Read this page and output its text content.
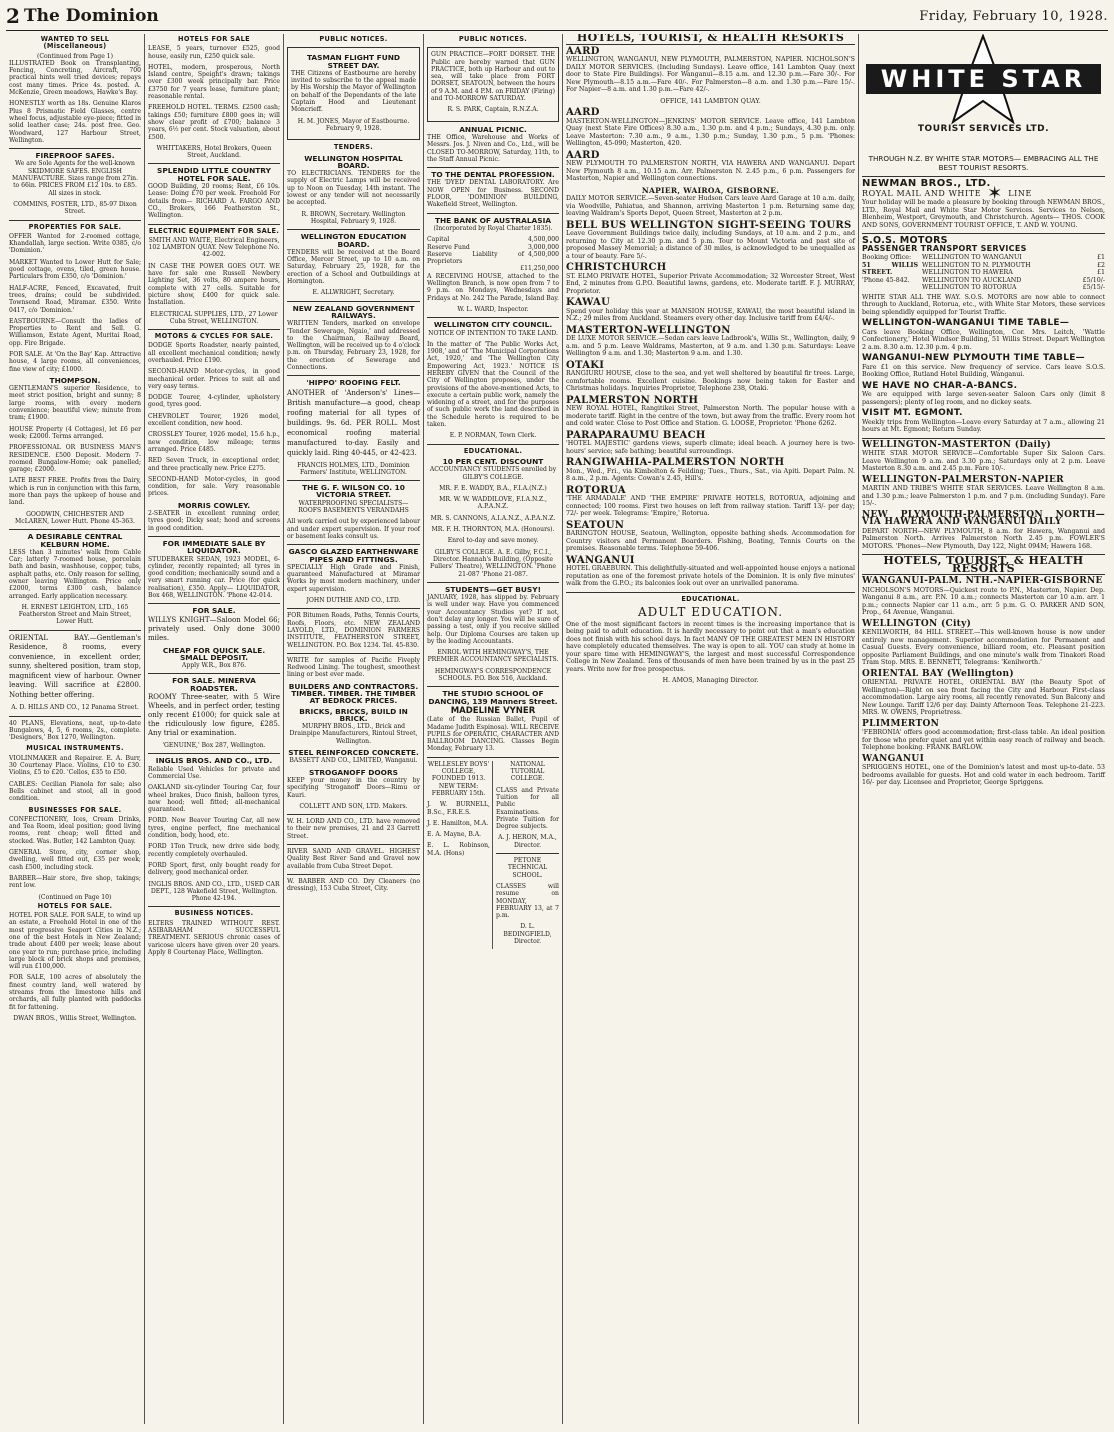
2 The Dominion	Friday, February 10, 1928.
WANTED TO SELL (Miscellaneous)
(Continued from Page 1)

ILLUSTRATED Book on Transplanting, Fencing, Concreting, Aircraft, 700 practical hints well tried devices; repays cost many times. Price 4s. posted. A. McKenzie, Green meadows, Hawke's Bay.

HONESTLY worth as 18s. Genuine Klaros Plus 8 Prismatic Field Glasses, centre wheel focus, adjustable eye-piece; fitted in solid leather case; 24s. post free. Geo. Woodward, 127 Harbour Street, Wellington.

FIREPROOF SAFES.

We are Sole Agents for the well-known SKIDMORE SAFES. ENGLISH MANUFACTURE. Sizes range from 27in. to 66in. PRICES FROM £12 10s. to £85. All sizes in stock.

COMMINS, FOSTER, LTD., 85-97 Dixon Street.

PROPERTIES FOR SALE.

OFFER Wanted for 2-roomed cottage, Khandallah, large section. Write 0385, c/o 'Dominion.'

MARKET Wanted to Lower Hutt for Sale; good cottage, ovens, tiled, green house. Particulars from £350, c/o 'Dominion.'

HALF-ACRE, Fenced, Excavated, fruit trees, drains; could be subdivided. Townsend Road, Miramar. £350. Write 0417, c/o 'Dominion.'

EASTBOURNE—Consult the ladies of Properties to Rent and Sell. G. Williamson, Estate Agent, Muritai Road, opp. Fire Brigade.

FOR SALE. At 'On the Bay' Kap. Attractive house, 4 large rooms, all conveniences, fine view of city; £1000.

THOMPSON.

GENTLEMAN'S superior Residence, to meet strict position, bright and sunny; 8 large rooms, with every modern convenience; beautiful view; minute from tram; £1900.

HOUSE Property (4 Cottages), let £6 per week; £2000. Terms arranged.

PROFESSIONAL OR BUSINESS MAN'S RESIDENCE. £500 Deposit. Modern 7-roomed Bungalow-Home; oak panelled; garage; £2000.

LATE BEST FREE. Profits from the Dairy, which is run in conjunction with this farm, more than pays the upkeep of house and land.

GOODWIN, CHICHESTER AND McLAREN, Lower Hutt. Phone 45-363.

A DESIRABLE CENTRAL KELBURN HOME.

LESS than 3 minutes' walk from Cable Car; latterly 7-roomed house, porcelain bath and basin, washhouse, copper, tubs, asphalt paths, etc. Only reason for selling, owner leaving Wellington. Price only £2000, terms £300 cash, balance arranged. Early application necessary.

H. ERNEST LEIGHTON, LTD., 165 Featherston Street and Main Street, Lower Hutt.

ORIENTAL BAY.—Gentleman's Residence, 8 rooms, every convenience, in excellent order, sunny, sheltered position, tram stop, magnificent view of harbour. Owner leaving. Will sacrifice at £2800. Nothing better offering.

A. D. HILLS AND CO., 12 Panama Street.

40 PLANS, Elevations, neat, up-to-date Bungalows, 4, 5, 6 rooms, 2s., complete. 'Designers,' Box 1270, Wellington.

MUSICAL INSTRUMENTS.

VIOLINMAKER and Repairer. E. A. Burr, 30 Courtenay Place. Violins, £10 to £30. Violins, £5 to £20. 'Cellos, £35 to £50.

CABLES: Cecilian Pianola for sale; also Bells cabinet and stool, all in good condition.

BUSINESSES FOR SALE.

CONFECTIONERY, Ices, Cream Drinks, and Tea Room, ideal position; good living rooms, rent cheap; well fitted and stocked. Was. Butler, 142 Lambton Quay.

GENERAL Store, city, corner shop, dwelling, well fitted out, £35 per week; cash £500, including stock.

BARBER—Hair store, five shop, takings; rent low.

(Continued on Page 10)
HOTELS FOR SALE.

HOTEL FOR SALE. FOR SALE, to wind up an estate, a Freehold Hotel in one of the most progressive Seaport Cities in N.Z.; one of the best Hotels in New Zealand; trade about £400 per week; lease about one year to run; purchase price, including large block of brick shops and premises, will run £100,000.

FOR SALE, 100 acres of absolutely the finest country land, well watered by streams from the limestone hills and orchards, all fully planted with paddocks fit for fattening.

DWAN BROS., Willis Street, Wellington.

HOTELS FOR SALE

LEASE, 5 years, turnover £525, good house, easily run, £250 quick sale.

HOTEL, modern, prosperous, North Island centre, Speight's drawn; takings over £300 week principally bar. Price £3750 for 7 years lease, furniture plant; reasonable rental.

FREEHOLD HOTEL. TERMS. £2500 cash; takings £50; furniture £800 goes in; will show clear profit of £700; balance 3 years, 6½ per cent. Stock valuation, about £500.

WHITTAKERS, Hotel Brokers, Queen Street, Auckland.

SPLENDID LITTLE COUNTRY HOTEL FOR SALE.

GOOD Building, 20 rooms; Rent, £6 10s. Lease: Doing £70 per week. Freehold For details from— RICHARD A. FARGO AND CO., Brokers, 166 Featherston St., Wellington.

ELECTRIC EQUIPMENT FOR SALE.

SMITH AND WAITE, Electrical Engineers, 102 LAMBTON QUAY. New Telephone No. 42-002.

IN CASE THE POWER GOES OUT. WE have for sale one Russell Newbery Lighting Set, 36 volts, 80 ampere hours, complete with 27 cells. Suitable for picture show, £400 for quick sale. Installation.

ELECTRICAL SUPPLIES, LTD., 27 Lower Cuba Street, WELLINGTON.

MOTORS & CYCLES FOR SALE.

DODGE Sports Roadster, nearly painted, all excellent mechanical condition; newly overhauled. Price £190.

SECOND-HAND Motor-cycles, in good mechanical order. Prices to suit all and very easy terms.

DODGE Tourer, 4-cylinder, upholstery good, tyres good.

CHEVROLET Tourer, 1926 model, excellent condition, new hood.

CROSSLEY Tourer, 1926 model, 15.6 h.p., new condition, low mileage; terms arranged. Price £485.

RED Seven Truck, in exceptional order, and three practically new. Price £275.

SECOND-HAND Motor-cycles, in good condition, for sale. Very reasonable prices.

MORRIS COWLEY.

2-SEATER in excellent running order, tyres good; Dicky seat; hood and screens in good condition.

FOR IMMEDIATE SALE BY LIQUIDATOR.

STUDEBAKER SEDAN, 1923 MODEL, 6-cylinder, recently repainted; all tyres in good condition; mechanically sound and a very smart running car. Price (for quick realisation), £350. Apply— LIQUIDATOR, Box 468, WELLINGTON. 'Phone 42-014.

FOR SALE.

WILLYS KNIGHT—Saloon Model 66; privately used. Only done 3000 miles.

CHEAP FOR QUICK SALE. SMALL DEPOSIT.

Apply W.R., Box 876.

FOR SALE. MINERVA ROADSTER.

ROOMY Three-seater, with 5 Wire Wheels, and in perfect order, testing only recent £1000; for quick sale at the ridiculously low figure, £285. Any trial or examination.

'GENUINE,' Box 287, Wellington.

INGLIS BROS. AND CO., LTD.

Reliable Used Vehicles for private and Commercial Use.

OAKLAND six-cylinder Touring Car, four wheel brakes, Duco finish, balloon tyres, new hood; well fitted; all-mechanical guaranteed.

FORD. New Beaver Touring Car, all new tyres, engine perfect, fine mechanical condition, body, hood, etc.

FORD 1Ton Truck, new drive side body, recently completely overhauled.

FORD Sport, first, only bought ready for delivery, good mechanical order.

INGLIS BROS. AND CO., LTD., USED CAR DEPT., 128 Wakefield Street, Wellington. Phone 42-194.

BUSINESS NOTICES.

ELTERS TRAINED WITHOUT REST. ASIBARAHAM SUCCESSFUL TREATMENT. SERIOUS chronic cases of varicose ulcers have given over 20 years. Apply 8 Courtenay Place, Wellington.

PUBLIC NOTICES.
TASMAN FLIGHT FUND STREET DAY.

THE Citizens of Eastbourne are hereby invited to subscribe to the appeal made by His Worship the Mayor of Wellington on behalf of the Dependants of the late Captain Hood and Lieutenant Moncrieff.

H. M. JONES, Mayor of Eastbourne. February 9, 1928.

TENDERS.
WELLINGTON HOSPITAL BOARD.

TO ELECTRICIANS. TENDERS for the supply of Electric Lamps will be received up to Noon on Tuesday, 14th instant. The lowest or any tender will not necessarily be accepted.

R. BROWN, Secretary. Wellington Hospital, February 9, 1928.

WELLINGTON EDUCATION BOARD.

TENDERS will be received at the Board Office, Mercer Street, up to 10 a.m. on Saturday, February 25, 1928, for the erection of a School and Outbuildings at Hornington.

E. ALLWRIGHT, Secretary.

NEW ZEALAND GOVERNMENT RAILWAYS.

WRITTEN Tenders, marked on envelope 'Tender Sewerage, Ngaio,' and addressed to the Chairman, Railway Board, Wellington, will be received up to 4 o'clock p.m. on Thursday, February 23, 1928, for the erection of Sewerage and Connections.

'HIPPO' ROOFING FELT.

ANOTHER of 'Anderson's' Lines— British manufacture—a good, cheap roofing material for all types of buildings. 9s. 6d. PER ROLL. Most economical roofing material manufactured to-day. Easily and quickly laid. Ring 40-445, or 42-423.

FRANCIS HOLMES, LTD., Dominion Farmers' Institute, WELLINGTON.

THE G. F. WILSON CO. 10 VICTORIA STREET.

WATERPROOFING SPECIALISTS— ROOFS BASEMENTS VERANDAHS

All work carried out by experienced labour and under expert supervision. If your roof or basement leaks consult us.

GASCO GLAZED EARTHENWARE PIPES AND FITTINGS.

SPECIALLY High Grade and Finish, guaranteed Manufactured at Miramar Works by most modern machinery, under expert supervision.

JOHN DUTHIE AND CO., LTD.

FOR Bitumen Roads, Paths, Tennis Courts, Roofs, Floors, etc. NEW ZEALAND LAYOLD, LTD., DOMINION FARMERS INSTITUTE, FEATHERSTON STREET, WELLINGTON. P.O. Box 1234. Tel. 45-830.

WRITE for samples of Pacific Fiveply Redwood Lining. The toughest, smoothest lining or best ever made.

BUILDERS AND CONTRACTORS. TIMBER. TIMBER. THE TIMBER AT BEDROCK PRICES.
BRICKS, BRICKS, BUILD IN BRICK.

MURPHY BROS., LTD., Brick and Drainpipe Manufacturers, Rintoul Street, Wellington.

STEEL REINFORCED CONCRETE.

BASSETT AND CO., LIMITED, Wanganui.

STROGANOFF DOORS

KEEP your money in the country by specifying 'Stroganoff' Doors—Rimu or Kauri.

COLLETT AND SON, LTD. Makers.

W. H. LORD AND CO., LTD. have removed to their new premises, 21 and 23 Garrett Street.

RIVER SAND AND GRAVEL. HIGHEST Quality Best River Sand and Gravel now available from Cuba Street Depot.

W. BARBER AND CO. Dry Cleaners (no dressing), 153 Cuba Street, City.

PUBLIC NOTICES.

GUN PRACTICE—FORT DORSET. THE Public are hereby warned that GUN PRACTICE, both up Harbour and out to sea, will take place from FORT DORSET, SEATOUN, between the hours of 9 A.M. and 4 P.M. on FRIDAY (Firing) and TO-MORROW SATURDAY.

R. S. PARK, Captain, R.N.Z.A.

ANNUAL PICNIC.

THE Office, Warehouse and Works of Messrs. Jos. J. Niven and Co., Ltd., will be CLOSED TO-MORROW, Saturday, 11th, to the Staff Annual Picnic.

TO THE DENTAL PROFESSION.

THE 'DYED' DENTAL LABORATORY. Are NOW OPEN for Business. SECOND FLOOR, 'DOMINION' BUILDING, Wakefield Street, Wellington.

THE BANK OF AUSTRALASIA

(Incorporated by Royal Charter 1835).

Capital	4,500,000
Reserve Fund	3,000,000
Reserve Liability of Proprietors
4,500,000
£11,250,000

A RECEIVING HOUSE, attached to the Wellington Branch, is now open from 7 to 9 p.m. on Mondays, Wednesdays and Fridays at No. 242 The Parade, Island Bay.

W. L. WARD, Inspector.

WELLINGTON CITY COUNCIL.

NOTICE OF INTENTION TO TAKE LAND.

In the matter of 'The Public Works Act, 1908,' and of 'The Municipal Corporations Act, 1920,' and 'The Wellington City Empowering Act, 1923.' NOTICE IS HEREBY GIVEN that the Council of the City of Wellington proposes, under the provisions of the above-mentioned Acts, to execute a certain public work, namely the widening of a street, and for the purposes of such public work the land described in the Schedule hereto is required to be taken.

E. P. NORMAN, Town Clerk.

EDUCATIONAL.
10 PER CENT. DISCOUNT

ACCOUNTANCY STUDENTS enrolled by GILBY'S COLLEGE.

MR. F. E. WADDY, B.A., F.I.A.(N.Z.)

MR. W. W. WADDILOVE, F.I.A.N.Z., A.P.A.N.Z.

MR. S. CANNONS, A.I.A.N.Z., A.P.A.N.Z.

MR. F. H. THORNTON, M.A. (Honours).

Enrol to-day and save money.

GILBY'S COLLEGE. A. E. Gilby, F.C.I., Director. Hannah's Building, (Opposite Fullers' Theatre), WELLINGTON. 'Phone 21-087 'Phone 21-087.

STUDENTS—GET BUSY!

JANUARY, 1928, has slipped by. February is well under way. Have you commenced your Accountancy Studies yet? If not, don't delay any longer. You will be sure of passing a test, only if you receive skilled help. Our Diploma Courses are taken up by the leading Accountants.

ENROL WITH HEMINGWAY'S, THE PREMIER ACCOUNTANCY SPECIALISTS.

HEMINGWAY'S CORRESPONDENCE SCHOOLS. P.O. Box 516, Auckland.

THE STUDIO SCHOOL OF DANCING, 139 Manners Street.
MADELINE VYNER

(Late of the Russian Ballet, Pupil of Madame Judith Espinosa). WILL RECEIVE PUPILS for OPERATIC, CHARACTER AND BALLROOM DANCING. Classes Begin Monday, February 13.

WELLESLEY BOYS' COLLEGE, FOUNDED 1913. NEW TERM: FEBRUARY 15th.

J. W. BURNELL, B.Sc., F.R.E.S.

J. E. Hamilton, M.A.

E. A. Mayne, B.A.

E. L. Robinson, M.A. (Hons)

NATIONAL TUTORIAL COLLEGE.

CLASS and Private Tuition for all Public Examinations. Private Tuition for Degree subjects.

A. J. HERON, M.A., Director.

PETONE TECHNICAL SCHOOL.

CLASSES will resume on MONDAY, FEBRUARY 13, at 7 p.m.

D. L. BEDINGFIELD, Director.

HOTELS, TOURIST, & HEALTH RESORTS
AARD

WELLINGTON, WANGANUI, NEW PLYMOUTH, PALMERSTON, NAPIER. NICHOLSON'S DAILY MOTOR SERVICES. (Including Sundays). Leave office, 141 Lambton Quay (next door to State Fire Buildings). For Wanganui—8.15 a.m. and 12.30 p.m.—Fare 30/-. For New Plymouth—8.15 a.m.—Fare 40/-. For Palmerston—8 a.m. and 1.30 p.m.—Fare 15/-. For Napier—8 a.m. and 1.30 p.m.—Fare 42/-.

OFFICE, 141 LAMBTON QUAY.

AARD

MASTERTON-WELLINGTON—JENKINS' MOTOR SERVICE. Leave office, 141 Lambton Quay (next State Fire Offices) 8.30 a.m., 1.30 p.m. and 4 p.m.; Sundays, 4.30 p.m. only. Leave Masterton: 7.30 a.m., 9 a.m., 1.30 p.m.; Sunday, 1.30 p.m., 5 p.m. 'Phones: Wellington, 45-090; Masterton, 420.

AARD

NEW PLYMOUTH TO PALMERSTON NORTH, VIA HAWERA AND WANGANUI. Depart New Plymouth 8 a.m., 10.15 a.m. Arr. Palmerston N. 2.45 p.m., 6 p.m. Passengers for Masterton, Napier and Wellington connections.

NAPIER, WAIROA, GISBORNE.

DAILY MOTOR SERVICE.—Seven-seater Hudson Cars leave Aard Garage at 10 a.m. daily, via Woodville, Pahiatua, and Shannon, arriving Masterton 1 p.m. Returning same day, leaving Waldram's Sports Depot, Queen Street, Masterton at 2 p.m.

BELL BUS WELLINGTON SIGHT-SEEING TOURS

Leave Government Buildings twice daily, including Sundays, at 10 a.m. and 2 p.m., and returning to City at 12.30 p.m. and 5 p.m. Tour to Mount Victoria and past site of proposed Massey Memorial; a distance of 30 miles, is acknowledged to be unequalled as a tour of beauty. Fare 5/-.

CHRISTCHURCH

ST. ELMO PRIVATE HOTEL, Superior Private Accommodation; 32 Worcester Street, West End, 2 minutes from G.P.O. Beautiful lawns, gardens, etc. Moderate tariff. F. J. MURRAY, Proprietor.

KAWAU

Spend your holiday this year at MANSION HOUSE, KAWAU, the most beautiful island in N.Z.; 29 miles from Auckland. Steamers every other day. Inclusive tariff from £4/4/-.

MASTERTON-WELLINGTON

DE LUXE MOTOR SERVICE.—Sedan cars leave Ladbrook's, Willis St., Wellington, daily, 9 a.m. and 5 p.m. Leave Waldrams, Masterton, at 9 a.m. and 1.30 p.m. Saturdays: Leave Wellington 9 a.m. and 1.30; Masterton 9 a.m. and 1.30.

OTAKI

RANGIURU HOUSE, close to the sea, and yet well sheltered by beautiful fir trees. Large, comfortable rooms. Excellent cuisine. Bookings now being taken for Easter and Christmas holidays. Inquiries Proprietor, Telephone 238, Otaki.

PALMERSTON NORTH

NEW ROYAL HOTEL, Rangitikei Street, Palmerston North. The popular house with a moderate tariff. Right in the centre of the town, but away from the traffic. Every room hot and cold water. Close to Post Office and Station. G. LOOSE, Proprietor. 'Phone 6262.

PARAPARAUMU BEACH

'HOTEL MAJESTIC' gardens views, superb climate; ideal beach. A journey here is two-hours' service; safe bathing; beautiful surroundings.

RANGIWAHIA-PALMERSTON NORTH

Mon., Wed., Fri., via Kimbolton & Feilding; Tues., Thurs., Sat., via Apiti. Depart Palm. N. 8 a.m., 2 p.m. Agents: Cowan's 2.45, Hill's.

ROTORUA

'THE ARMADALE' AND 'THE EMPIRE' PRIVATE HOTELS, ROTORUA, adjoining and connected; 100 rooms. First two houses on left from railway station. Tariff 13/- per day; 72/- per week. Telegrams: 'Empire,' Rotorua.

SEATOUN

BARINGTON HOUSE, Seatoun, Wellington, opposite bathing sheds. Accommodation for Country visitors and Permanent Boarders. Fishing, Boating, Tennis Courts on the premises. Reasonable terms. Telephone 59-406.

WANGANUI

HOTEL GRAEBURN. This delightfully-situated and well-appointed house enjoys a national reputation as one of the foremost private hotels of the Dominion. It is only five minutes' walk from the G.P.O.; its balconies look out over an unrivalled panorama.

EDUCATIONAL.
ADULT EDUCATION.

One of the most significant factors in recent times is the increasing importance that is being paid to adult education. It is hardly necessary to point out that a man's education does not finish with his school days. In fact MANY OF THE GREATEST MEN IN HISTORY have completely educated themselves. The way is open to all. YOU can study at home in your spare time with HEMINGWAY'S, the largest and most successful Correspondence College in New Zealand. Tens of thousands of men have been trained by us in the past 25 years. Write now for free prospectus.

H. AMOS, Managing Director.

WHITE STAR
TOURIST SERVICES LTD.

THROUGH N.Z. BY WHITE STAR MOTORS— EMBRACING ALL THE BEST TOURIST RESORTS.

NEWMAN BROS., LTD.
ROYAL MAIL AND WHITE ✶ LINE

Your holiday will be made a pleasure by booking through NEWMAN BROS., LTD., Royal Mail and White Star Motor Services. Services to Nelson, Blenheim, Westport, Greymouth, and Christchurch. Agents— THOS. COOK AND SONS, GOVERNMENT TOURIST OFFICE, T. AND W. YOUNG.

S.O.S. MOTORS
PASSENGER TRANSPORT SERVICES
Booking Office:
51 WILLIS STREET.
'Phone 45-842.
WELLINGTON TO WANGANUI	£1
WELLINGTON TO N. PLYMOUTH	£2
WELLINGTON TO HAWERA	£1
WELLINGTON TO AUCKLAND	£5/10/-
WELLINGTON TO ROTORUA	£5/15/-

WHITE STAR ALL THE WAY. S.O.S. MOTORS are now able to connect through to Auckland, Rotorua, etc., with White Star Motors, these services being splendidly equipped for Tourist Traffic.

WELLINGTON-WANGANUI TIME TABLE—

Cars leave Booking Office, Wellington, Cor. Mrs. Leitch, 'Wattle Confectionery,' Hotel Windsor Building, 51 Willis Street. Depart Wellington 2 a.m. 8.30 a.m. 12.30 p.m. 4 p.m.

WANGANUI-NEW PLYMOUTH TIME TABLE—

Fare £1 on this service. New frequency of service. Cars leave S.O.S. Booking Office, Rutland Hotel Building, Wanganui.

WE HAVE NO CHAR-A-BANCS.

We are equipped with large seven-seater Saloon Cars only (limit 8 passengers); plenty of leg room, and no dickey seats.

VISIT MT. EGMONT.

Weekly trips from Wellington—Leave every Saturday at 7 a.m., allowing 21 hours at Mt. Egmont; Return Sunday.

WELLINGTON-MASTERTON (Daily)

WHITE STAR MOTOR SERVICE—Comfortable Super Six Saloon Cars. Leave Wellington 9 a.m. and 3.30 p.m.; Saturdays only at 2 p.m. Leave Masterton 8.30 a.m. and 2.45 p.m. Fare 10/-.

WELLINGTON-PALMERSTON-NAPIER

MARTIN AND TRIBE'S WHITE STAR SERVICES. Leave Wellington 8 a.m. and 1.30 p.m.; leave Palmerston 1 p.m. and 7 p.m. (including Sunday). Fare 15/-.

NEW PLYMOUTH-PALMERSTON NORTH— VIA HAWERA AND WANGANUI DAILY

DEPART NORTH—NEW PLYMOUTH, 8 a.m. for Hawera, Wanganui and Palmerston North. Arrives Palmerston North 2.45 p.m. FOWLER'S MOTORS. 'Phones—New Plymouth, Day 122, Night 094M; Hawera 168.

HOTELS, TOURIST, & HEALTH RESORTS
WANGANUI-PALM. NTH.-NAPIER-GISBORNE

NICHOLSON'S MOTORS—Quickest route to P.N., Masterton, Napier. Dep. Wanganui 8 a.m., arr. P.N. 10 a.m.; connects Masterton car 10 a.m. arr. 1 p.m.; connects Napier car 11 a.m., arr. 5 p.m. G. O. PARKER AND SON, Prop., 64 Avenue, Wanganui.

WELLINGTON (City)

KENILWORTH, 84 HILL STREET.—This well-known house is now under entirely new management. Superior accommodation for Permanent and Casual Guests. Every convenience, billiard room, etc. Pleasant position opposite Parliament Buildings, and one minute's walk from Tinakori Road Tram Stop. MRS. E. BENNETT, Telegrams: 'Kenilworth.'

ORIENTAL BAY (Wellington)

ORIENTAL PRIVATE HOTEL, ORIENTAL BAY (the Beauty Spot of Wellington)—Right on sea front facing the City and Harbour. First-class accommodation. Large airy rooms, all recently renovated. Sun Balcony and New Lounge. Tariff 12/6 per day. Dainty Afternoon Teas. Telephone 21-223. MRS. W. OWENS, Proprietress.

PLIMMERTON

'FEBRONIA' offers good accommodation; first-class table. An ideal position for those who prefer quiet and yet within easy reach of railway and beach. Telephone booking. FRANK BARLOW.

WANGANUI

SPRIGGENS HOTEL, one of the Dominion's latest and most up-to-date. 53 bedrooms available for guests. Hot and cold water in each bedroom. Tariff 16/- per day. Licensee and Proprietor, George Spriggens.
